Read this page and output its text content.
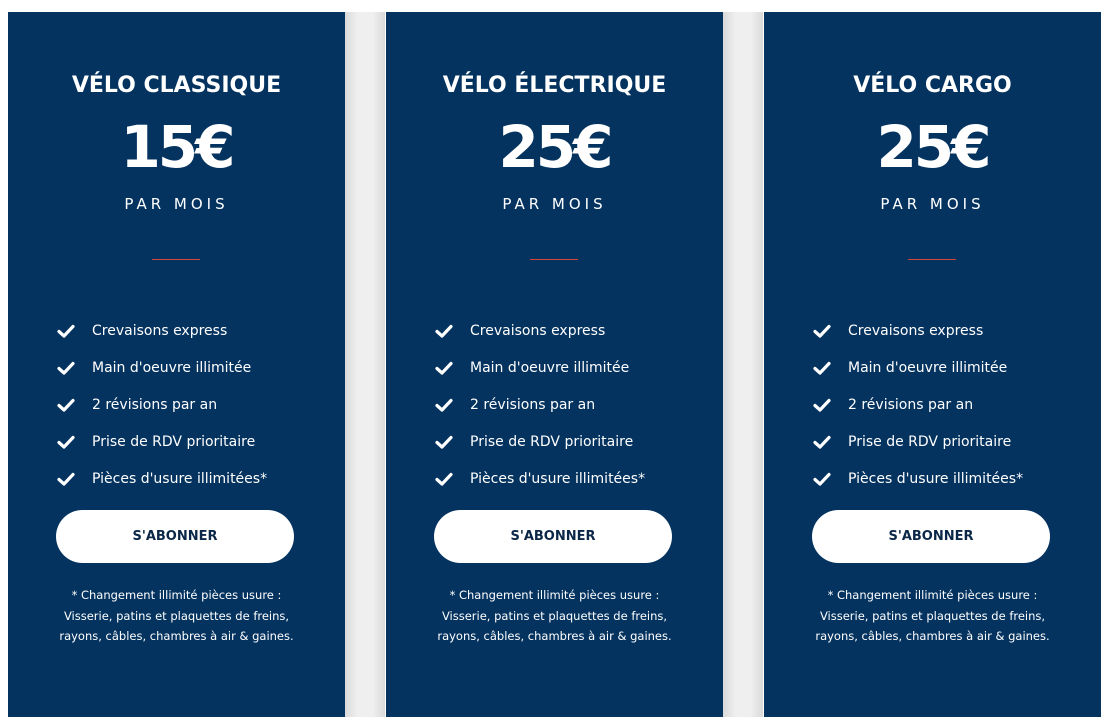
VÉLO CLASSIQUE
15€
PAR MOIS
Crevaisons express
Main d'oeuvre illimitée
2 révisions par an
Prise de RDV prioritaire
Pièces d'usure illimitées*
S'ABONNER

* Changement illimité pièces usure : Visserie, patins et plaquettes de freins, rayons, câbles, chambres à air & gaines.

VÉLO ÉLECTRIQUE
25€
PAR MOIS
Crevaisons express
Main d'oeuvre illimitée
2 révisions par an
Prise de RDV prioritaire
Pièces d'usure illimitées*
S'ABONNER

* Changement illimité pièces usure : Visserie, patins et plaquettes de freins, rayons, câbles, chambres à air & gaines.

VÉLO CARGO
25€
PAR MOIS
Crevaisons express
Main d'oeuvre illimitée
2 révisions par an
Prise de RDV prioritaire
Pièces d'usure illimitées*
S'ABONNER

* Changement illimité pièces usure : Visserie, patins et plaquettes de freins, rayons, câbles, chambres à air & gaines.
